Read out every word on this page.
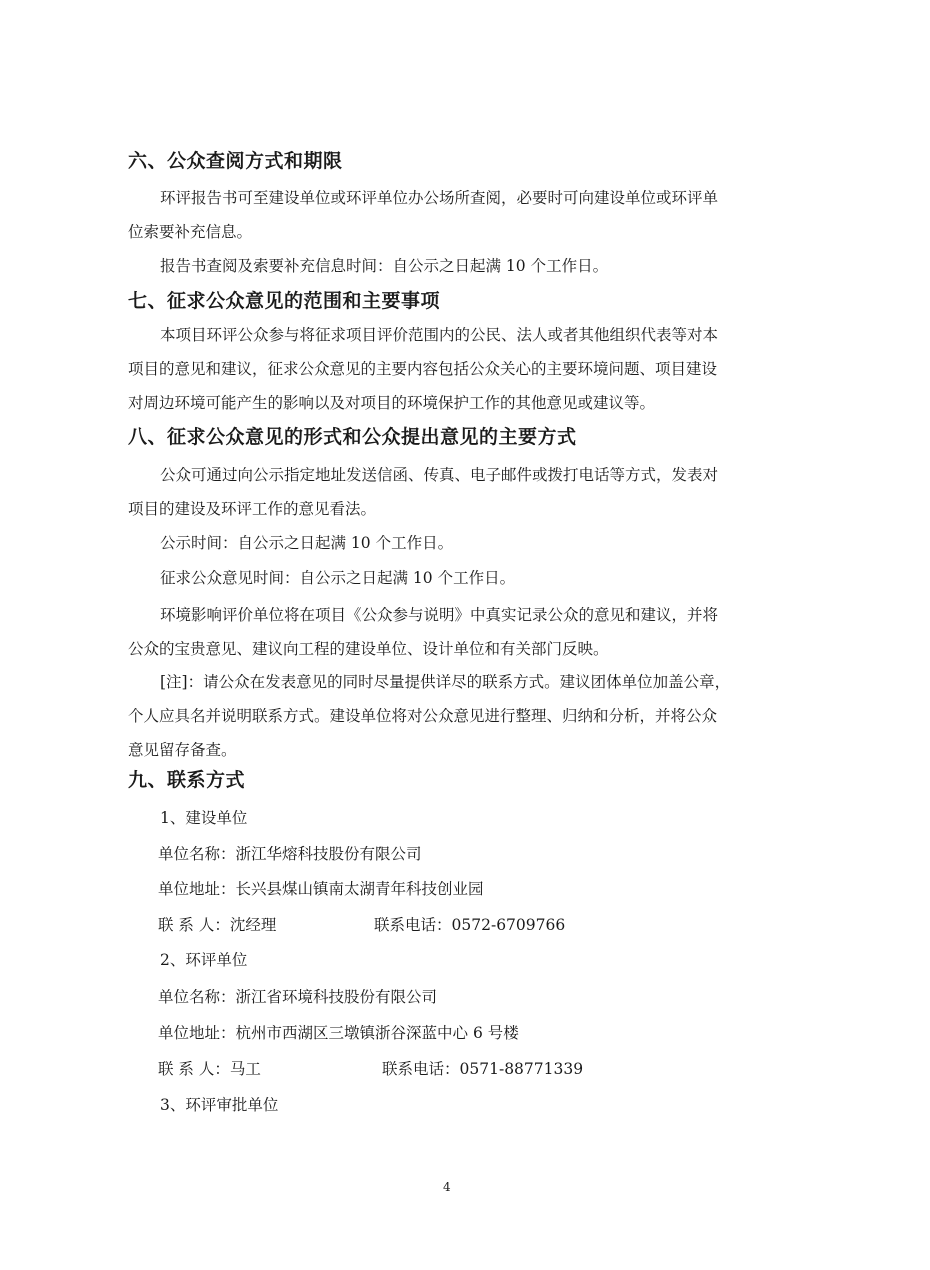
六、公众查阅方式和期限
环评报告书可至建设单位或环评单位办公场所查阅，必要时可向建设单位或环评单
位索要补充信息。
报告书查阅及索要补充信息时间：自公示之日起满 10 个工作日。
七、征求公众意见的范围和主要事项
本项目环评公众参与将征求项目评价范围内的公民、法人或者其他组织代表等对本
项目的意见和建议，征求公众意见的主要内容包括公众关心的主要环境问题、项目建设
对周边环境可能产生的影响以及对项目的环境保护工作的其他意见或建议等。
八、征求公众意见的形式和公众提出意见的主要方式
公众可通过向公示指定地址发送信函、传真、电子邮件或拨打电话等方式，发表对
项目的建设及环评工作的意见看法。
公示时间：自公示之日起满 10 个工作日。
征求公众意见时间：自公示之日起满 10 个工作日。
环境影响评价单位将在项目《公众参与说明》中真实记录公众的意见和建议，并将
公众的宝贵意见、建议向工程的建设单位、设计单位和有关部门反映。
[注]：请公众在发表意见的同时尽量提供详尽的联系方式。建议团体单位加盖公章，
个人应具名并说明联系方式。建设单位将对公众意见进行整理、归纳和分析，并将公众
意见留存备查。
九、联系方式
1、建设单位
单位名称：浙江华熔科技股份有限公司
单位地址：长兴县煤山镇南太湖青年科技创业园
联 系 人：沈经理	联系电话：0572-6709766
2、环评单位
单位名称：浙江省环境科技股份有限公司
单位地址：杭州市西湖区三墩镇浙谷深蓝中心 6 号楼
联 系 人：马工	联系电话：0571-88771339
3、环评审批单位
4
